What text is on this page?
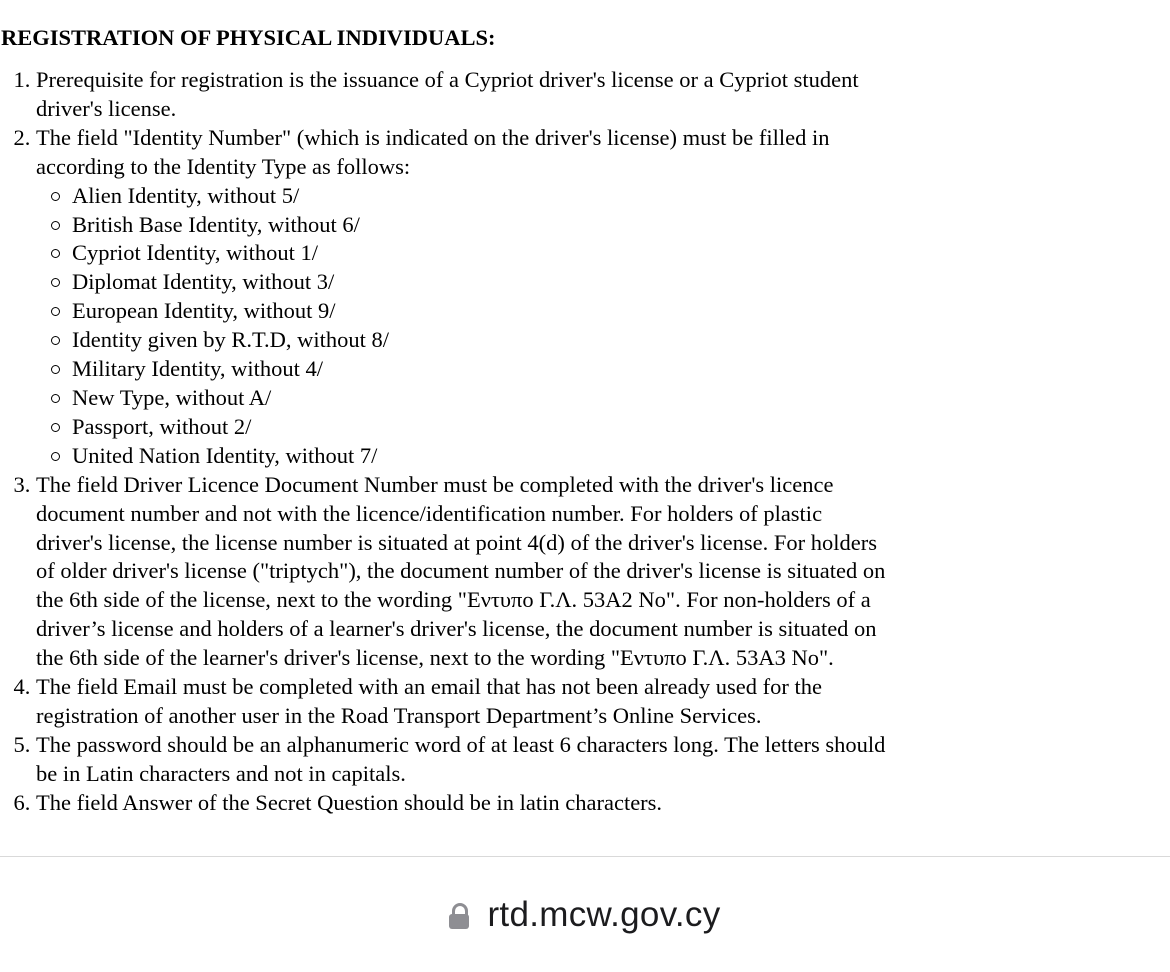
REGISTRATION OF PHYSICAL INDIVIDUALS:
1. Prerequisite for registration is the issuance of a Cypriot driver's license or a Cypriot student driver's license.
2. The field "Identity Number" (which is indicated on the driver's license) must be filled in according to the Identity Type as follows:
Alien Identity, without 5/
British Base Identity, without 6/
Cypriot Identity, without 1/
Diplomat Identity, without 3/
European Identity, without 9/
Identity given by R.T.D, without 8/
Military Identity, without 4/
New Type, without A/
Passport, without 2/
United Nation Identity, without 7/
3. The field Driver Licence Document Number must be completed with the driver's licence document number and not with the licence/identification number. For holders of plastic driver's license, the license number is situated at point 4(d) of the driver's license. For holders of older driver's license ("triptych"), the document number of the driver's license is situated on the 6th side of the license, next to the wording "Εντυπο Γ.Λ. 53Α2 Νο". For non-holders of a driver’s license and holders of a learner's driver's license, the document number is situated on the 6th side of the learner's driver's license, next to the wording "Εντυπο Γ.Λ. 53Α3 Νο".
4. The field Email must be completed with an email that has not been already used for the registration of another user in the Road Transport Department’s Online Services.
5. The password should be an alphanumeric word of at least 6 characters long. The letters should be in Latin characters and not in capitals.
6. The field Answer of the Secret Question should be in latin characters.
rtd.mcw.gov.cy
